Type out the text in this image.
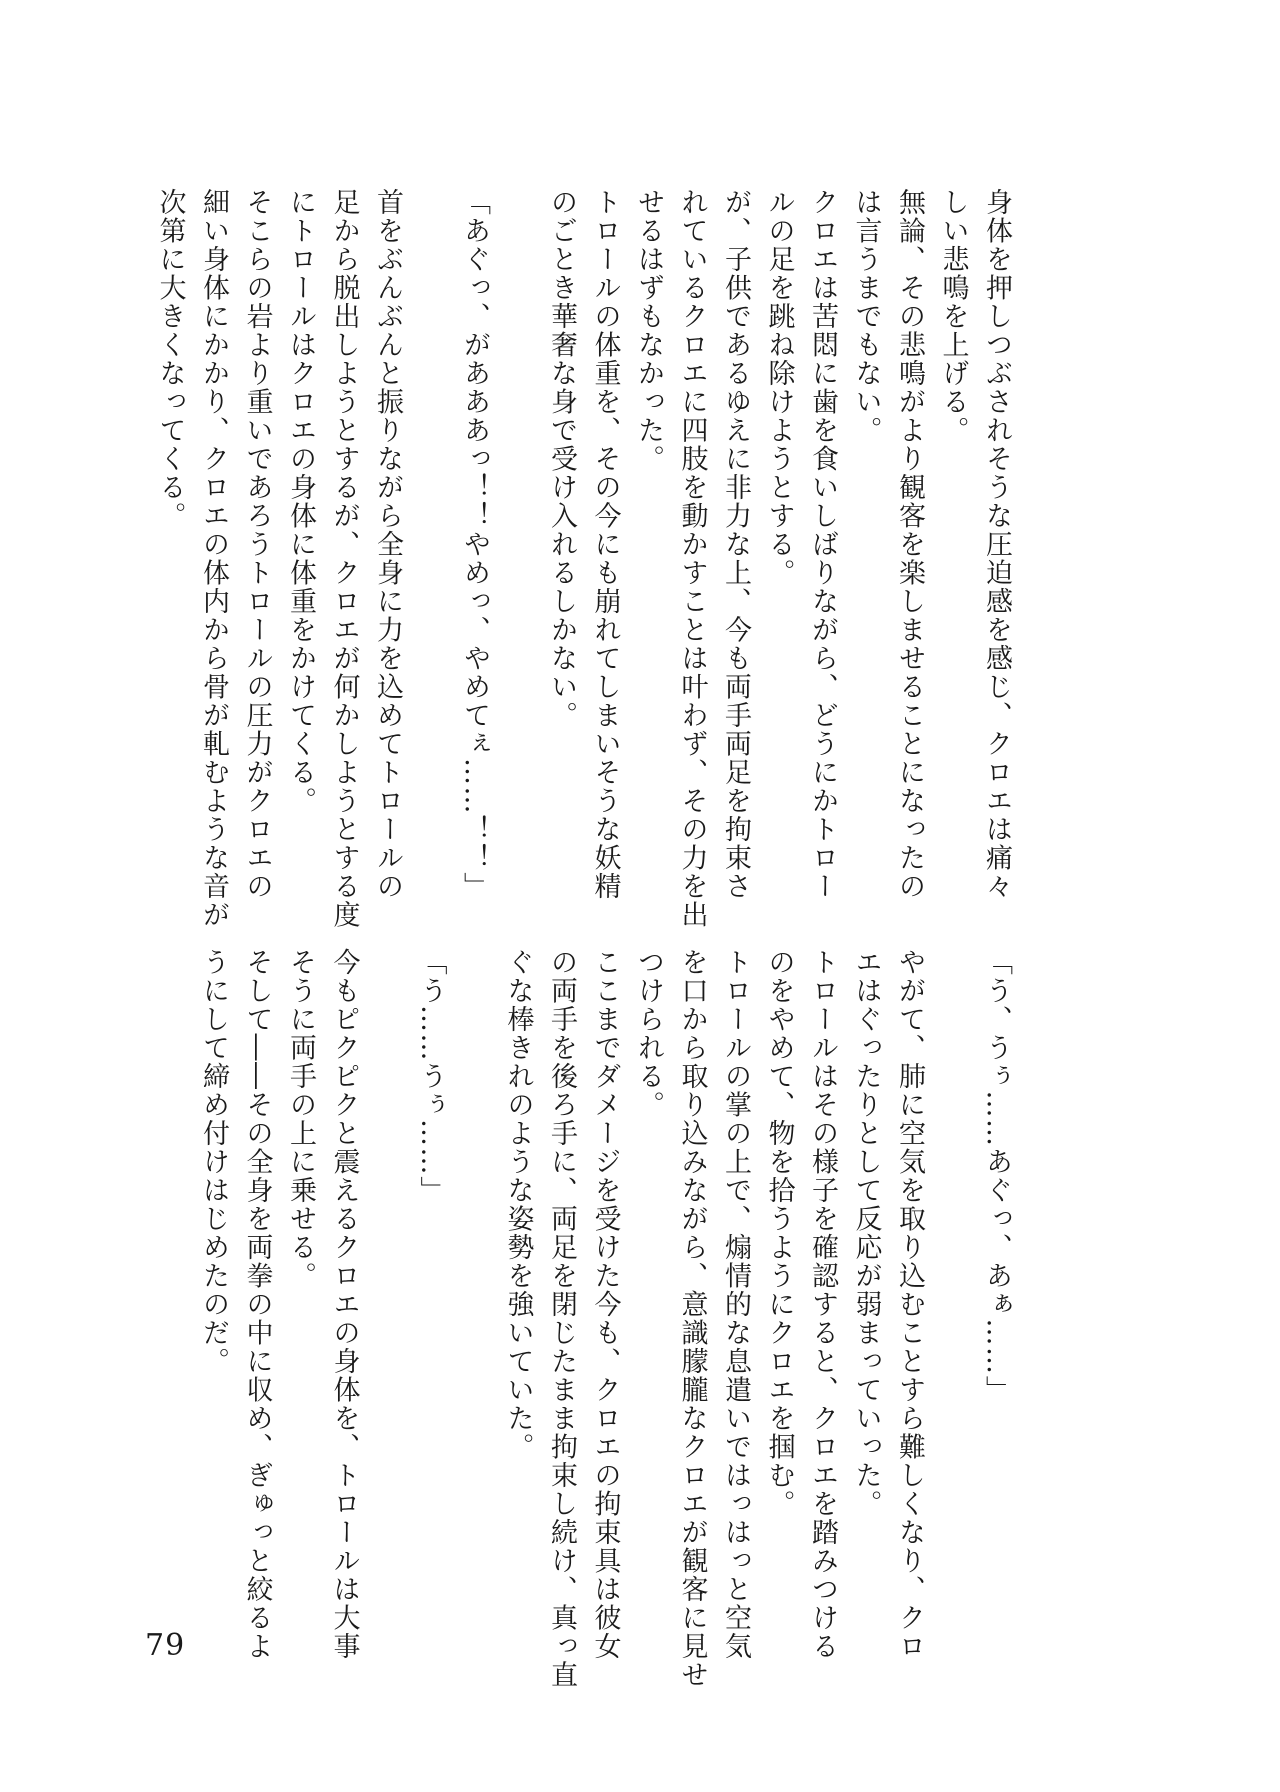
身体を押しつぶされそうな圧迫感を感じ、クロエは痛々
しい悲鳴を上げる。
無論、その悲鳴がより観客を楽しませることになったの
は言うまでもない。
クロエは苦悶に歯を食いしばりながら、どうにかトロー
ルの足を跳ね除けようとする。
が、子供であるゆえに非力な上、今も両手両足を拘束さ
れているクロエに四肢を動かすことは叶わず、その力を出
せるはずもなかった。
トロールの体重を、その今にも崩れてしまいそうな妖精
のごとき華奢な身で受け入れるしかない。
「あぐっ、があああっ！！やめっ、やめてぇ……！！」
首をぶんぶんと振りながら全身に力を込めてトロールの
足から脱出しようとするが、クロエが何かしようとする度
にトロールはクロエの身体に体重をかけてくる。
そこらの岩より重いであろうトロールの圧力がクロエの
細い身体にかかり、クロエの体内から骨が軋むような音が
次第に大きくなってくる。
「う、うぅ……あぐっ、あぁ……」
やがて、肺に空気を取り込むことすら難しくなり、クロ
エはぐったりとして反応が弱まっていった。
トロールはその様子を確認すると、クロエを踏みつける
のをやめて、物を拾うようにクロエを掴む。
トロールの掌の上で、煽情的な息遣いではっはっと空気
を口から取り込みながら、意識朦朧なクロエが観客に見せ
つけられる。
ここまでダメージを受けた今も、クロエの拘束具は彼女
の両手を後ろ手に、両足を閉じたまま拘束し続け、真っ直
ぐな棒きれのような姿勢を強いていた。
「う……うぅ……」
今もピクピクと震えるクロエの身体を、トロールは大事
そうに両手の上に乗せる。
そして――その全身を両拳の中に収め、ぎゅっと絞るよ
うにして締め付けはじめたのだ。
79
